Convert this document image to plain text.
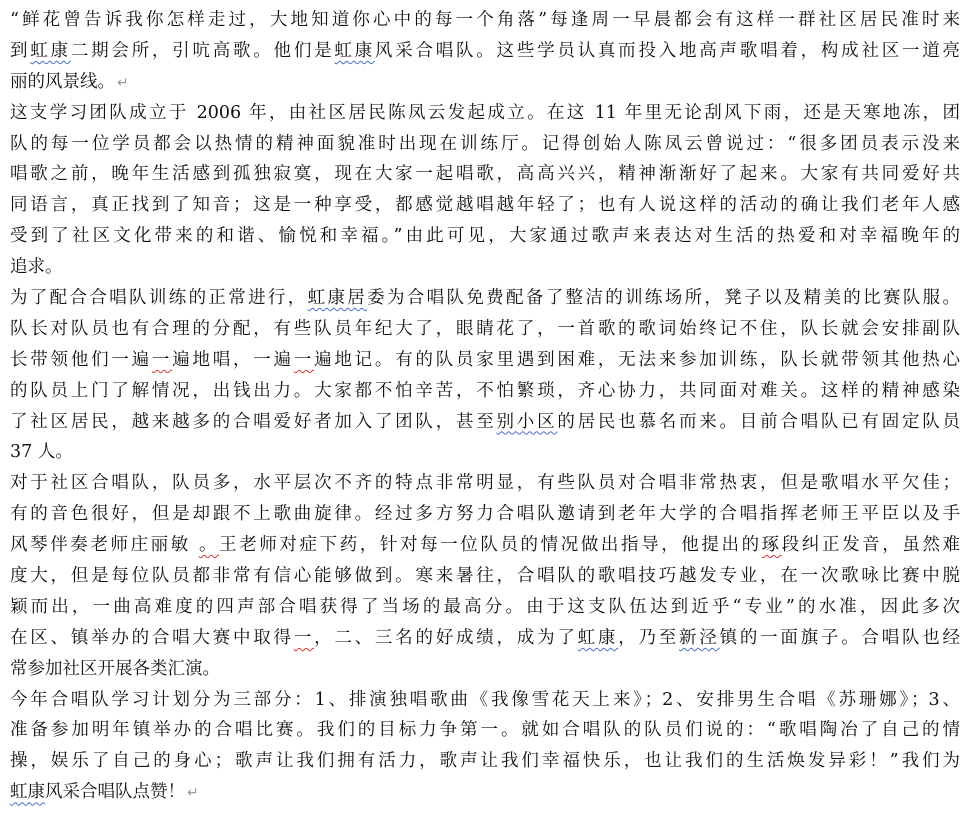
“鲜花曾告诉我你怎样走过，大地知道你心中的每一个角落”每逢周一早晨都会有这样一群社区居民准时来
到虹康二期会所，引吭高歌。他们是虹康风采合唱队。这些学员认真而投入地高声歌唱着，构成社区一道亮
丽的风景线。 ↵
这支学习团队成立于 2006 年，由社区居民陈凤云发起成立。在这 11 年里无论刮风下雨，还是天寒地冻，团
队的每一位学员都会以热情的精神面貌准时出现在训练厅。记得创始人陈凤云曾说过：“很多团员表示没来
唱歌之前，晚年生活感到孤独寂寞，现在大家一起唱歌，高高兴兴，精神渐渐好了起来。大家有共同爱好共
同语言，真正找到了知音；这是一种享受，都感觉越唱越年轻了；也有人说这样的活动的确让我们老年人感
受到了社区文化带来的和谐、愉悦和幸福。”由此可见，大家通过歌声来表达对生活的热爱和对幸福晚年的
追求。
为了配合合唱队训练的正常进行，虹康居委为合唱队免费配备了整洁的训练场所，凳子以及精美的比赛队服。
队长对队员也有合理的分配，有些队员年纪大了，眼睛花了，一首歌的歌词始终记不住，队长就会安排副队
长带领他们一遍一遍地唱，一遍一遍地记。有的队员家里遇到困难，无法来参加训练，队长就带领其他热心
的队员上门了解情况，出钱出力。大家都不怕辛苦，不怕繁琐，齐心协力，共同面对难关。这样的精神感染
了社区居民，越来越多的合唱爱好者加入了团队，甚至别小区的居民也慕名而来。目前合唱队已有固定队员
37 人。
对于社区合唱队，队员多，水平层次不齐的特点非常明显，有些队员对合唱非常热衷，但是歌唱水平欠佳；
有的音色很好，但是却跟不上歌曲旋律。经过多方努力合唱队邀请到老年大学的合唱指挥老师王平臣以及手
风琴伴奏老师庄丽敏 。王老师对症下药，针对每一位队员的情况做出指导，他提出的琢段纠正发音，虽然难
度大，但是每位队员都非常有信心能够做到。寒来暑往，合唱队的歌唱技巧越发专业，在一次歌咏比赛中脱
颖而出，一曲高难度的四声部合唱获得了当场的最高分。由于这支队伍达到近乎“专业”的水准，因此多次
在区、镇举办的合唱大赛中取得一，二、三名的好成绩，成为了虹康，乃至新泾镇的一面旗子。合唱队也经
常参加社区开展各类汇演。
今年合唱队学习计划分为三部分：1、排演独唱歌曲《我像雪花天上来》；2、安排男生合唱《苏珊娜》；3、
准备参加明年镇举办的合唱比赛。我们的目标力争第一。就如合唱队的队员们说的：“歌唱陶冶了自己的情
操，娱乐了自己的身心；歌声让我们拥有活力，歌声让我们幸福快乐，也让我们的生活焕发异彩！”我们为
虹康风采合唱队点赞！ ↵
